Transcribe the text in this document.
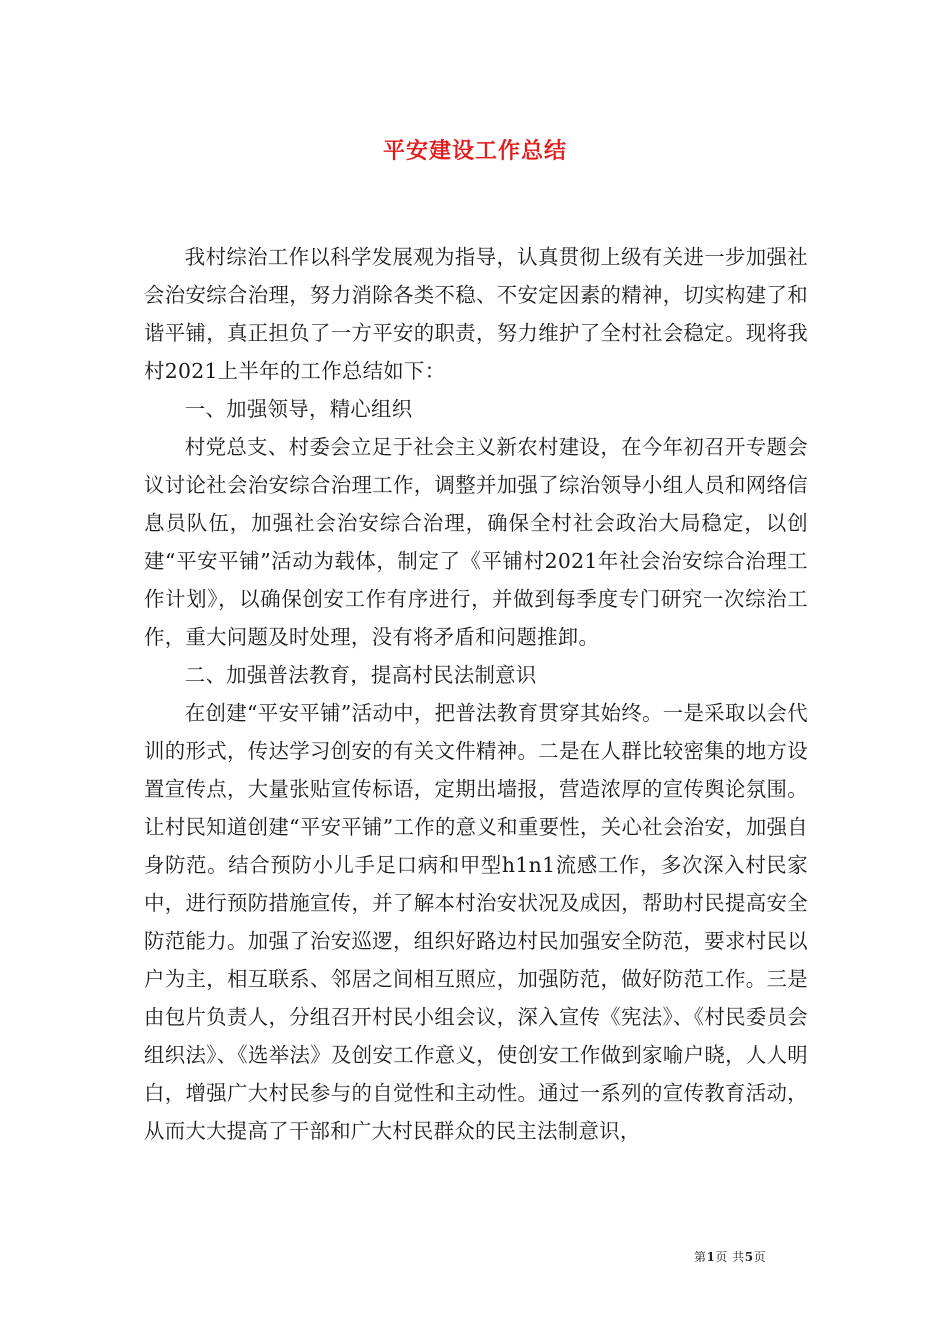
平安建设工作总结

我村综治工作以科学发展观为指导，认真贯彻上级有关进一步加强社会治安综合治理，努力消除各类不稳、不安定因素的精神，切实构建了和谐平铺，真正担负了一方平安的职责，努力维护了全村社会稳定。现将我村2021上半年的工作总结如下：

一、加强领导，精心组织

村党总支、村委会立足于社会主义新农村建设，在今年初召开专题会议讨论社会治安综合治理工作，调整并加强了综治领导小组人员和网络信息员队伍，加强社会治安综合治理，确保全村社会政治大局稳定，以创建“平安平铺”活动为载体，制定了《平铺村2021年社会治安综合治理工作计划》，以确保创安工作有序进行，并做到每季度专门研究一次综治工作，重大问题及时处理，没有将矛盾和问题推卸。

二、加强普法教育，提高村民法制意识

在创建“平安平铺”活动中，把普法教育贯穿其始终。一是采取以会代训的形式，传达学习创安的有关文件精神。二是在人群比较密集的地方设置宣传点，大量张贴宣传标语，定期出墙报，营造浓厚的宣传舆论氛围。让村民知道创建“平安平铺”工作的意义和重要性，关心社会治安，加强自身防范。结合预防小儿手足口病和甲型h1n1流感工作，多次深入村民家中，进行预防措施宣传，并了解本村治安状况及成因，帮助村民提高安全防范能力。加强了治安巡逻，组织好路边村民加强安全防范，要求村民以户为主，相互联系、邻居之间相互照应，加强防范，做好防范工作。三是由包片负责人，分组召开村民小组会议，深入宣传《宪法》、《村民委员会组织法》、《选举法》及创安工作意义，使创安工作做到家喻户晓，人人明白，增强广大村民参与的自觉性和主动性。通过一系列的宣传教育活动，从而大大提高了干部和广大村民群众的民主法制意识，

第1页 共5页
